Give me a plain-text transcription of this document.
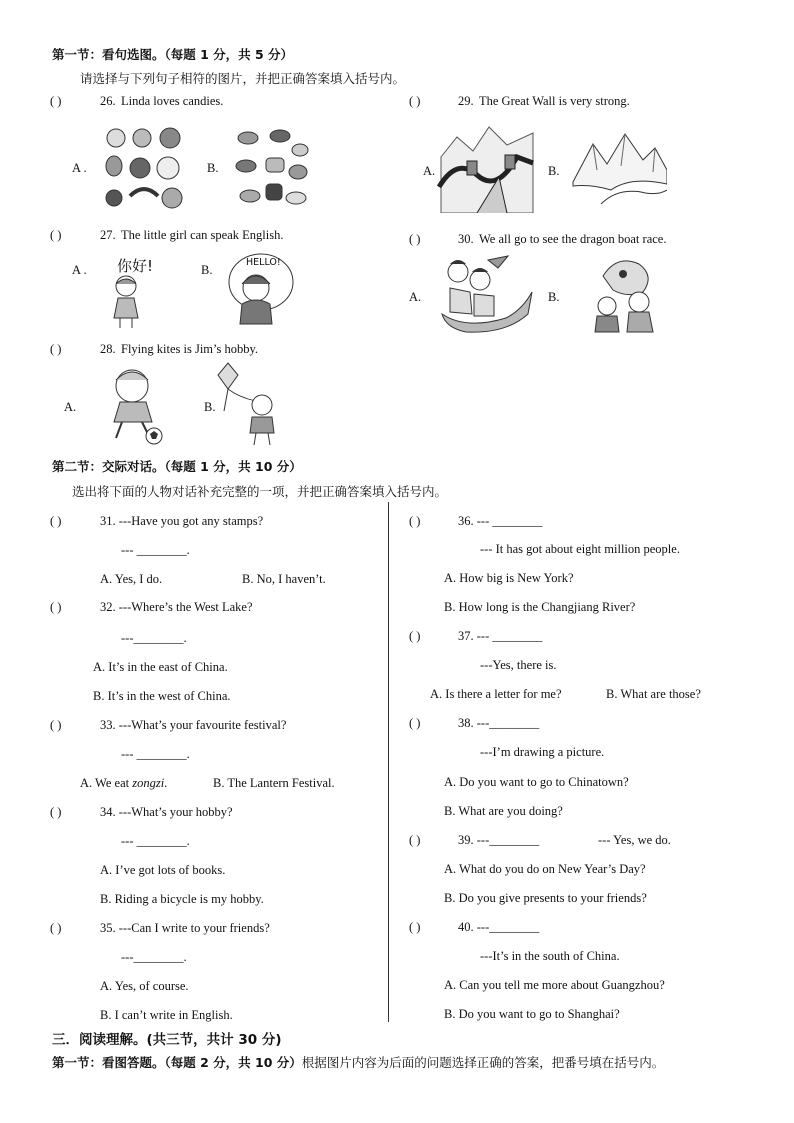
第一节：看句选图。（每题 1 分，共 5 分）
请选择与下列句子相符的图片，并把正确答案填入括号内。
( )	26. Linda loves candies.
A .	B.
( )	27. The little girl can speak English.
A . 你好!	B.
HELLO!
( )	28. Flying kites is Jim’s hobby.
A.	B.
( )	29. The Great Wall is very strong.
A.	B.
( )	30. We all go to see the dragon boat race.
A.	B.
第二节：交际对话。（每题 1 分，共 10 分）
选出将下面的人物对话补充完整的一项，并把正确答案填入括号内。
( )	31. ---Have you got any stamps?
--- ________.
A. Yes, I do.	B. No, I haven’t.
( )	32. ---Where’s the West Lake?
---________.
A. It’s in the east of China.
B. It’s in the west of China.
( )	33. ---What’s your favourite festival?
--- ________.
A. We eat zongzi.	B. The Lantern Festival.
( )	34. ---What’s your hobby?
--- ________.
A. I’ve got lots of books.
B. Riding a bicycle is my hobby.
( )	35. ---Can I write to your friends?
---________.
A. Yes, of course.
B. I can’t write in English.
( )	36. --- ________
--- It has got about eight million people.
A. How big is New York?
B. How long is the Changjiang River?
( )	37. --- ________
---Yes, there is.
A. Is there a letter for me?	B. What are those?
( )	38. ---________
---I’m drawing a picture.
A. Do you want to go to Chinatown?
B. What are you doing?
( )	39. ---________	--- Yes, we do.
A. What do you do on New Year’s Day?
B. Do you give presents to your friends?
( )	40. ---________
---It’s in the south of China.
A. Can you tell me more about Guangzhou?
B. Do you want to go to Shanghai?
三．阅读理解。(共三节，共计 30 分)
第一节：看图答题。（每题 2 分，共 10 分）根据图片内容为后面的问题选择正确的答案，把番号填在括号内。
